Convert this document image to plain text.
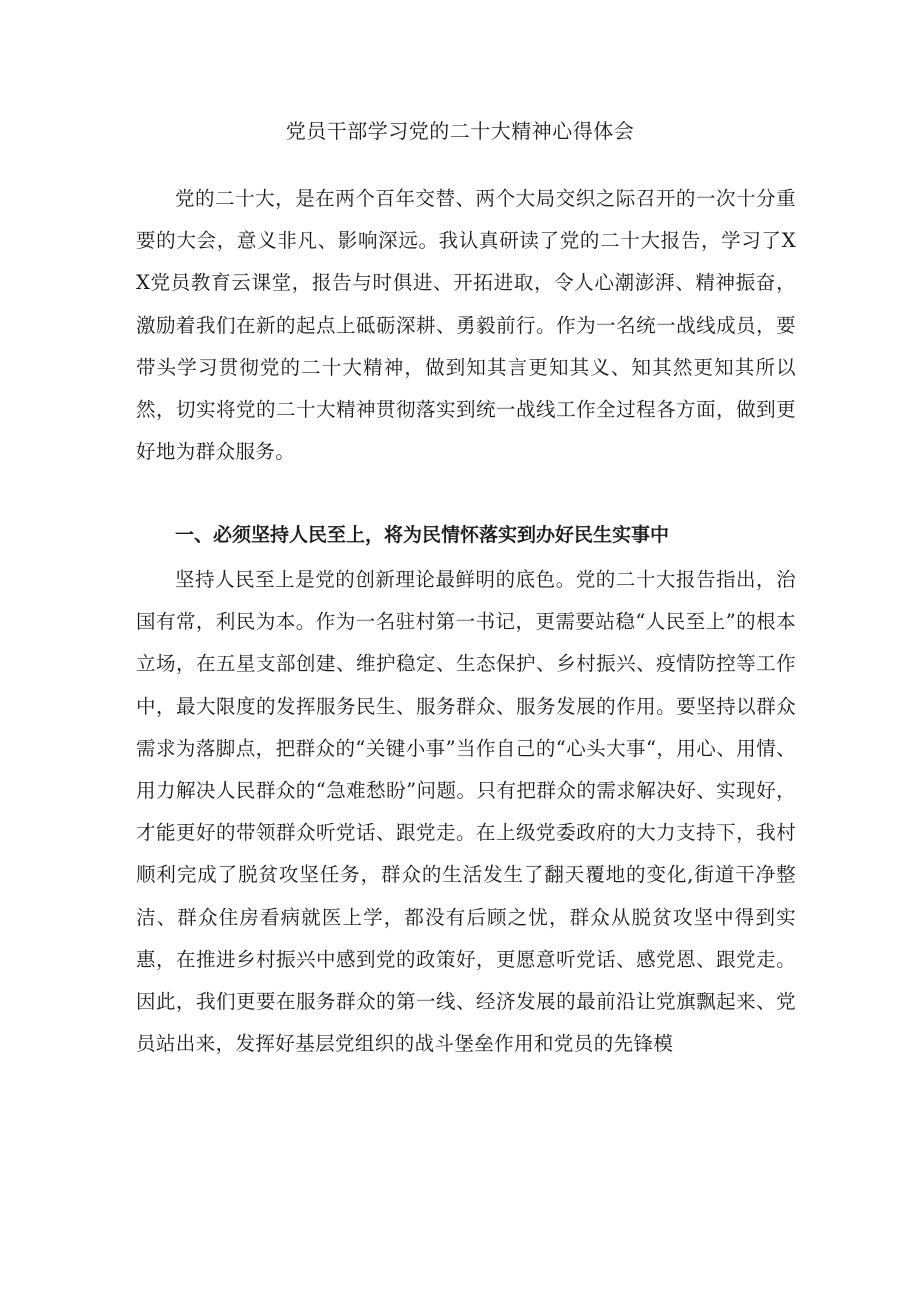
党员干部学习党的二十大精神心得体会

党的二十大，是在两个百年交替、两个大局交织之际召开的一次十分重要的大会，意义非凡、影响深远。我认真研读了党的二十大报告，学习了XX党员教育云课堂，报告与时俱进、开拓进取，令人心潮澎湃、精神振奋，激励着我们在新的起点上砥砺深耕、勇毅前行。作为一名统一战线成员，要带头学习贯彻党的二十大精神，做到知其言更知其义、知其然更知其所以然，切实将党的二十大精神贯彻落实到统一战线工作全过程各方面，做到更好地为群众服务。

一、必须坚持人民至上，将为民情怀落实到办好民生实事中

坚持人民至上是党的创新理论最鲜明的底色。党的二十大报告指出，治国有常，利民为本。作为一名驻村第一书记，更需要站稳“人民至上”的根本立场，在五星支部创建、维护稳定、生态保护、乡村振兴、疫情防控等工作中，最大限度的发挥服务民生、服务群众、服务发展的作用。要坚持以群众需求为落脚点，把群众的“关键小事”当作自己的“心头大事“，用心、用情、用力解决人民群众的“急难愁盼”问题。只有把群众的需求解决好、实现好，才能更好的带领群众听党话、跟党走。在上级党委政府的大力支持下，我村顺利完成了脱贫攻坚任务，群众的生活发生了翻天覆地的变化,街道干净整洁、群众住房看病就医上学，都没有后顾之忧，群众从脱贫攻坚中得到实惠，在推进乡村振兴中感到党的政策好，更愿意听党话、感党恩、跟党走。因此，我们更要在服务群众的第一线、经济发展的最前沿让党旗飘起来、党员站出来，发挥好基层党组织的战斗堡垒作用和党员的先锋模
